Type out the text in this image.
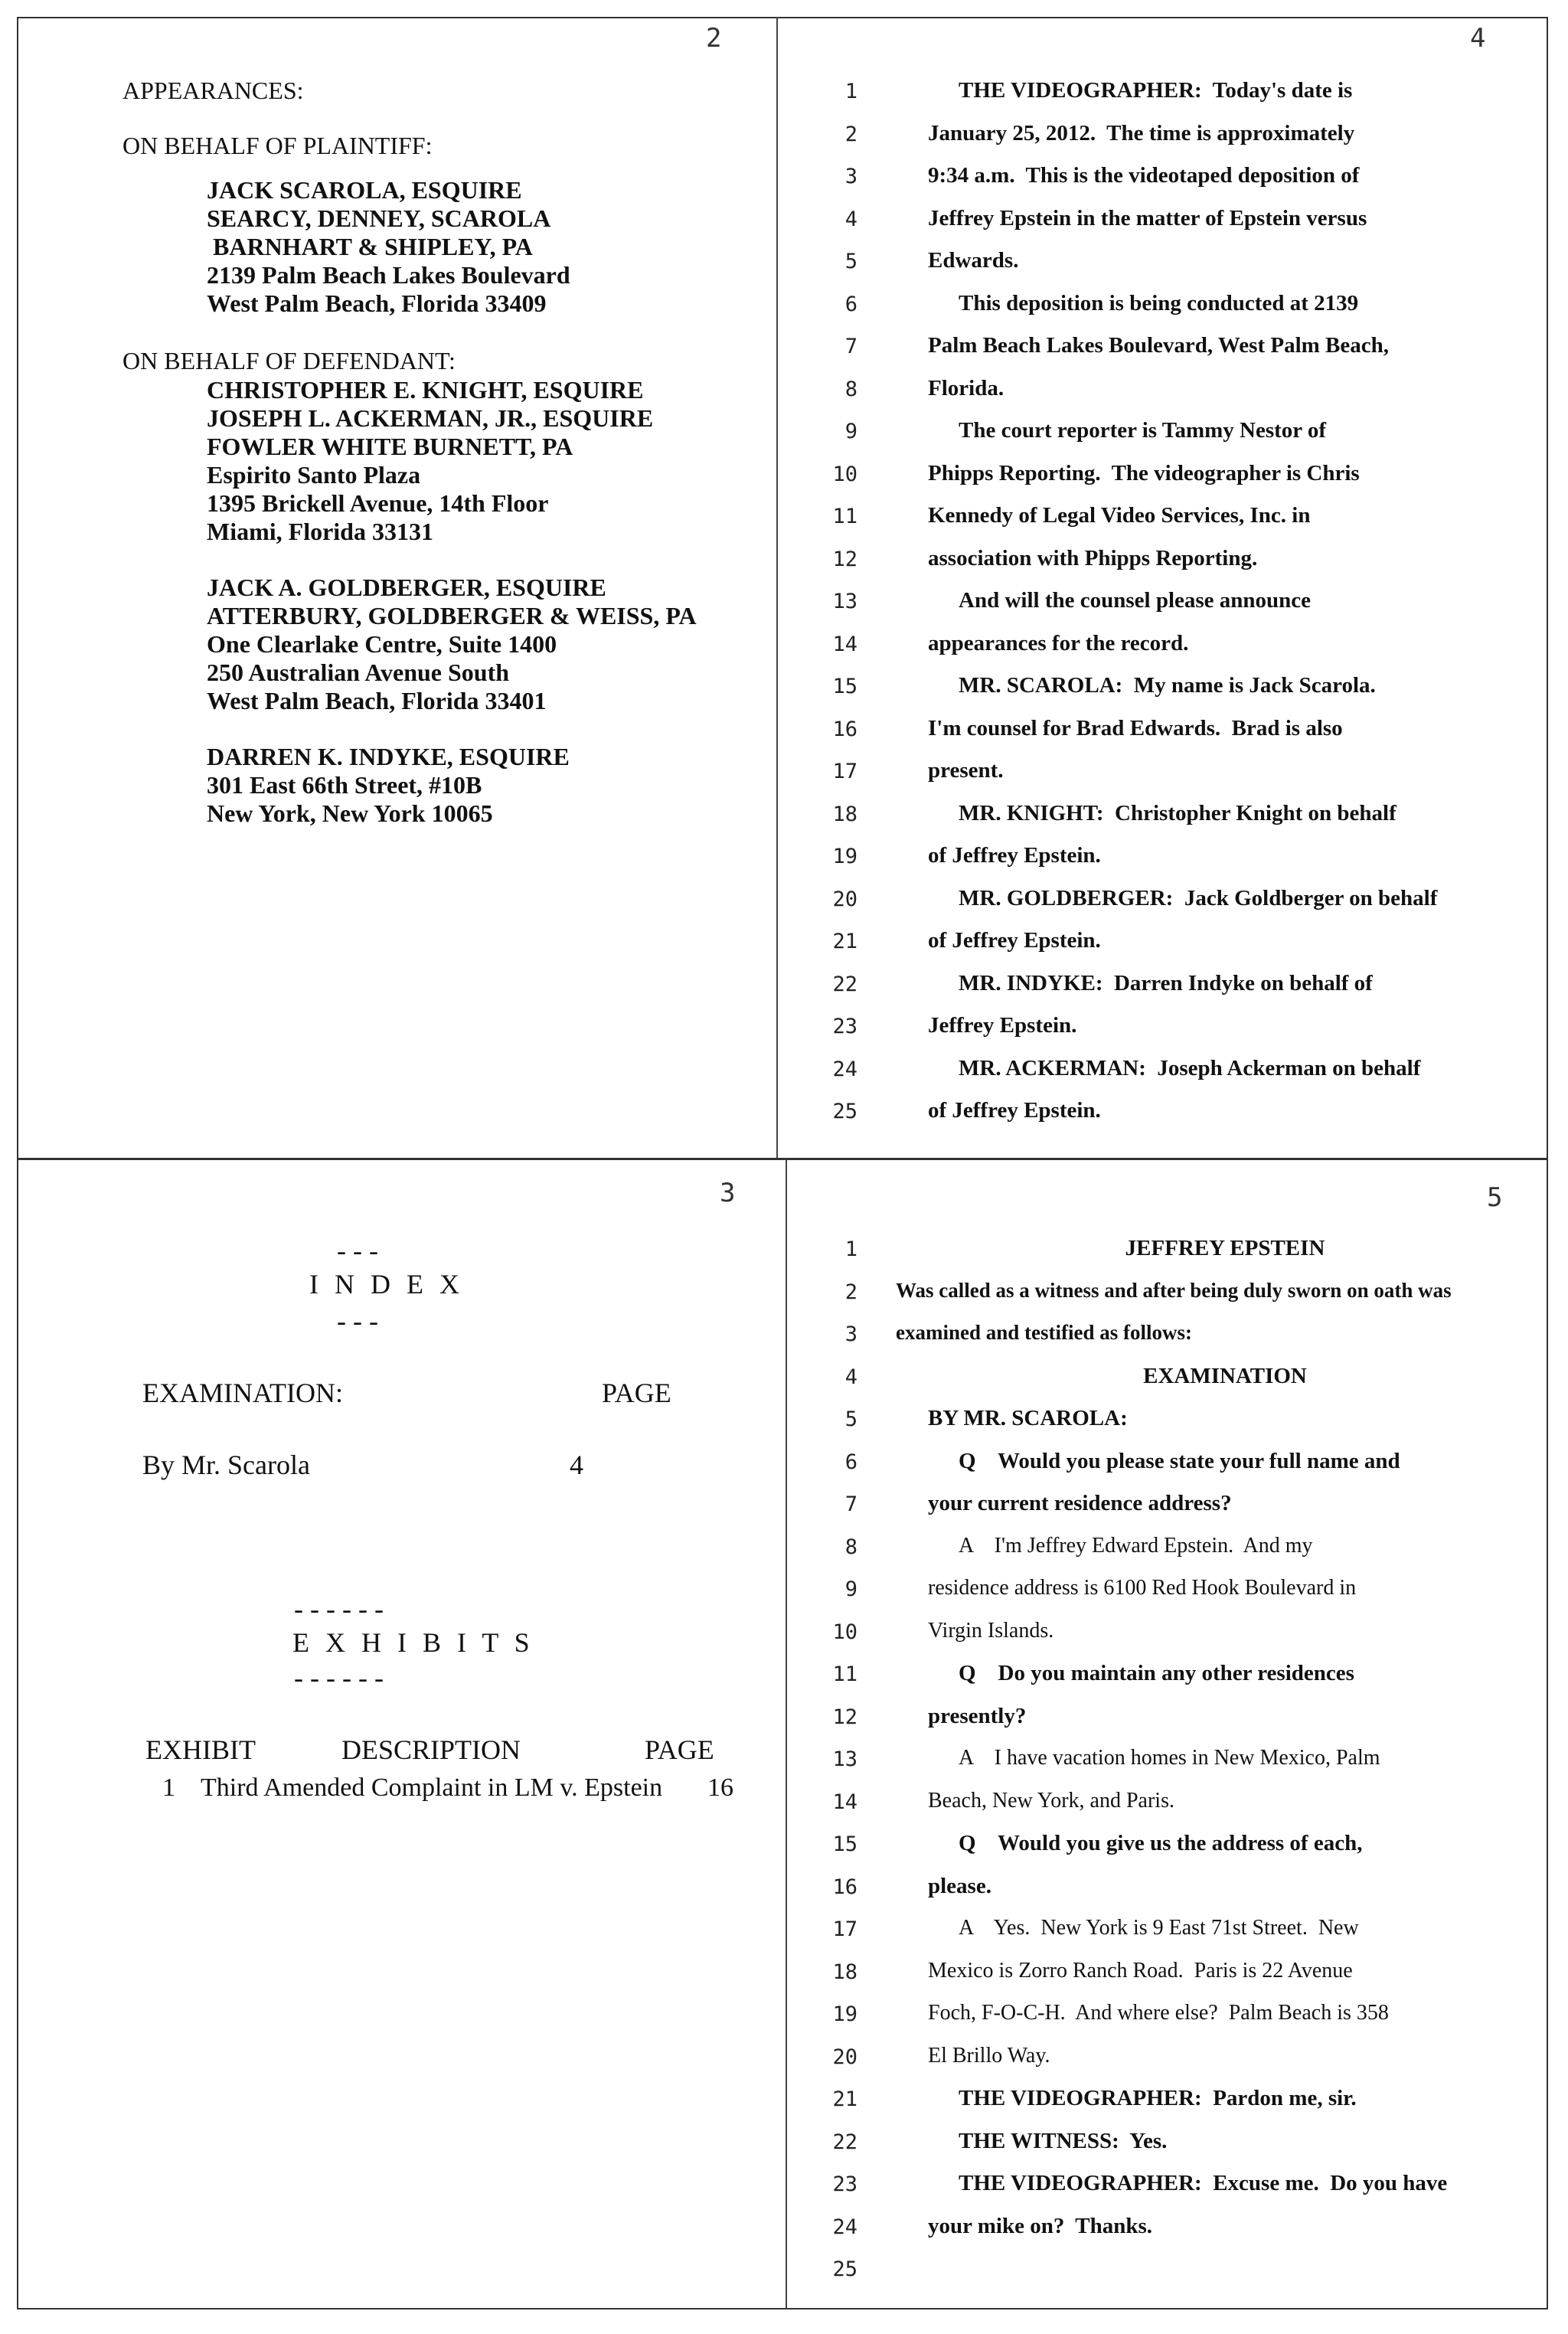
2
APPEARANCES:
ON BEHALF OF PLAINTIFF:
JACK SCAROLA, ESQUIRE
SEARCY, DENNEY, SCAROLA
BARNHART & SHIPLEY, PA
2139 Palm Beach Lakes Boulevard
West Palm Beach, Florida 33409
ON BEHALF OF DEFENDANT:
CHRISTOPHER E. KNIGHT, ESQUIRE
JOSEPH L. ACKERMAN, JR., ESQUIRE
FOWLER WHITE BURNETT, PA
Espirito Santo Plaza
1395 Brickell Avenue, 14th Floor
Miami, Florida 33131
JACK A. GOLDBERGER, ESQUIRE
ATTERBURY, GOLDBERGER & WEISS, PA
One Clearlake Centre, Suite 1400
250 Australian Avenue South
West Palm Beach, Florida 33401
DARREN K. INDYKE, ESQUIRE
301 East 66th Street, #10B
New York, New York 10065
4
1	THE VIDEOGRAPHER:  Today's date is
2	January 25, 2012.  The time is approximately
3	9:34 a.m.  This is the videotaped deposition of
4	Jeffrey Epstein in the matter of Epstein versus
5	Edwards.
6	This deposition is being conducted at 2139
7	Palm Beach Lakes Boulevard, West Palm Beach,
8	Florida.
9	The court reporter is Tammy Nestor of
10	Phipps Reporting.  The videographer is Chris
11	Kennedy of Legal Video Services, Inc. in
12	association with Phipps Reporting.
13	And will the counsel please announce
14	appearances for the record.
15	MR. SCAROLA:  My name is Jack Scarola.
16	I'm counsel for Brad Edwards.  Brad is also
17	present.
18	MR. KNIGHT:  Christopher Knight on behalf
19	of Jeffrey Epstein.
20	MR. GOLDBERGER:  Jack Goldberger on behalf
21	of Jeffrey Epstein.
22	MR. INDYKE:  Darren Indyke on behalf of
23	Jeffrey Epstein.
24	MR. ACKERMAN:  Joseph Ackerman on behalf
25	of Jeffrey Epstein.
3
- - -
I N D E X
- - -
EXAMINATION:	PAGE
By Mr. Scarola	4
- - - - - -
E X H I B I T S
- - - - - -
EXHIBIT	DESCRIPTION	PAGE
1 Third Amended Complaint in LM v. Epstein 16
5
1	JEFFREY EPSTEIN
2 Was called as a witness and after being duly sworn on oath was
3 examined and testified as follows:
4	EXAMINATION
5	BY MR. SCAROLA:
6	Q    Would you please state your full name and
7	your current residence address?
8	A    I'm Jeffrey Edward Epstein.  And my
9	residence address is 6100 Red Hook Boulevard in
10	Virgin Islands.
11	Q    Do you maintain any other residences
12	presently?
13	A    I have vacation homes in New Mexico, Palm
14	Beach, New York, and Paris.
15	Q    Would you give us the address of each,
16	please.
17	A    Yes.  New York is 9 East 71st Street.  New
18	Mexico is Zorro Ranch Road.  Paris is 22 Avenue
19	Foch, F-O-C-H.  And where else?  Palm Beach is 358
20	El Brillo Way.
21	THE VIDEOGRAPHER:  Pardon me, sir.
22	THE WITNESS:  Yes.
23	THE VIDEOGRAPHER:  Excuse me.  Do you have
24	your mike on?  Thanks.
25
